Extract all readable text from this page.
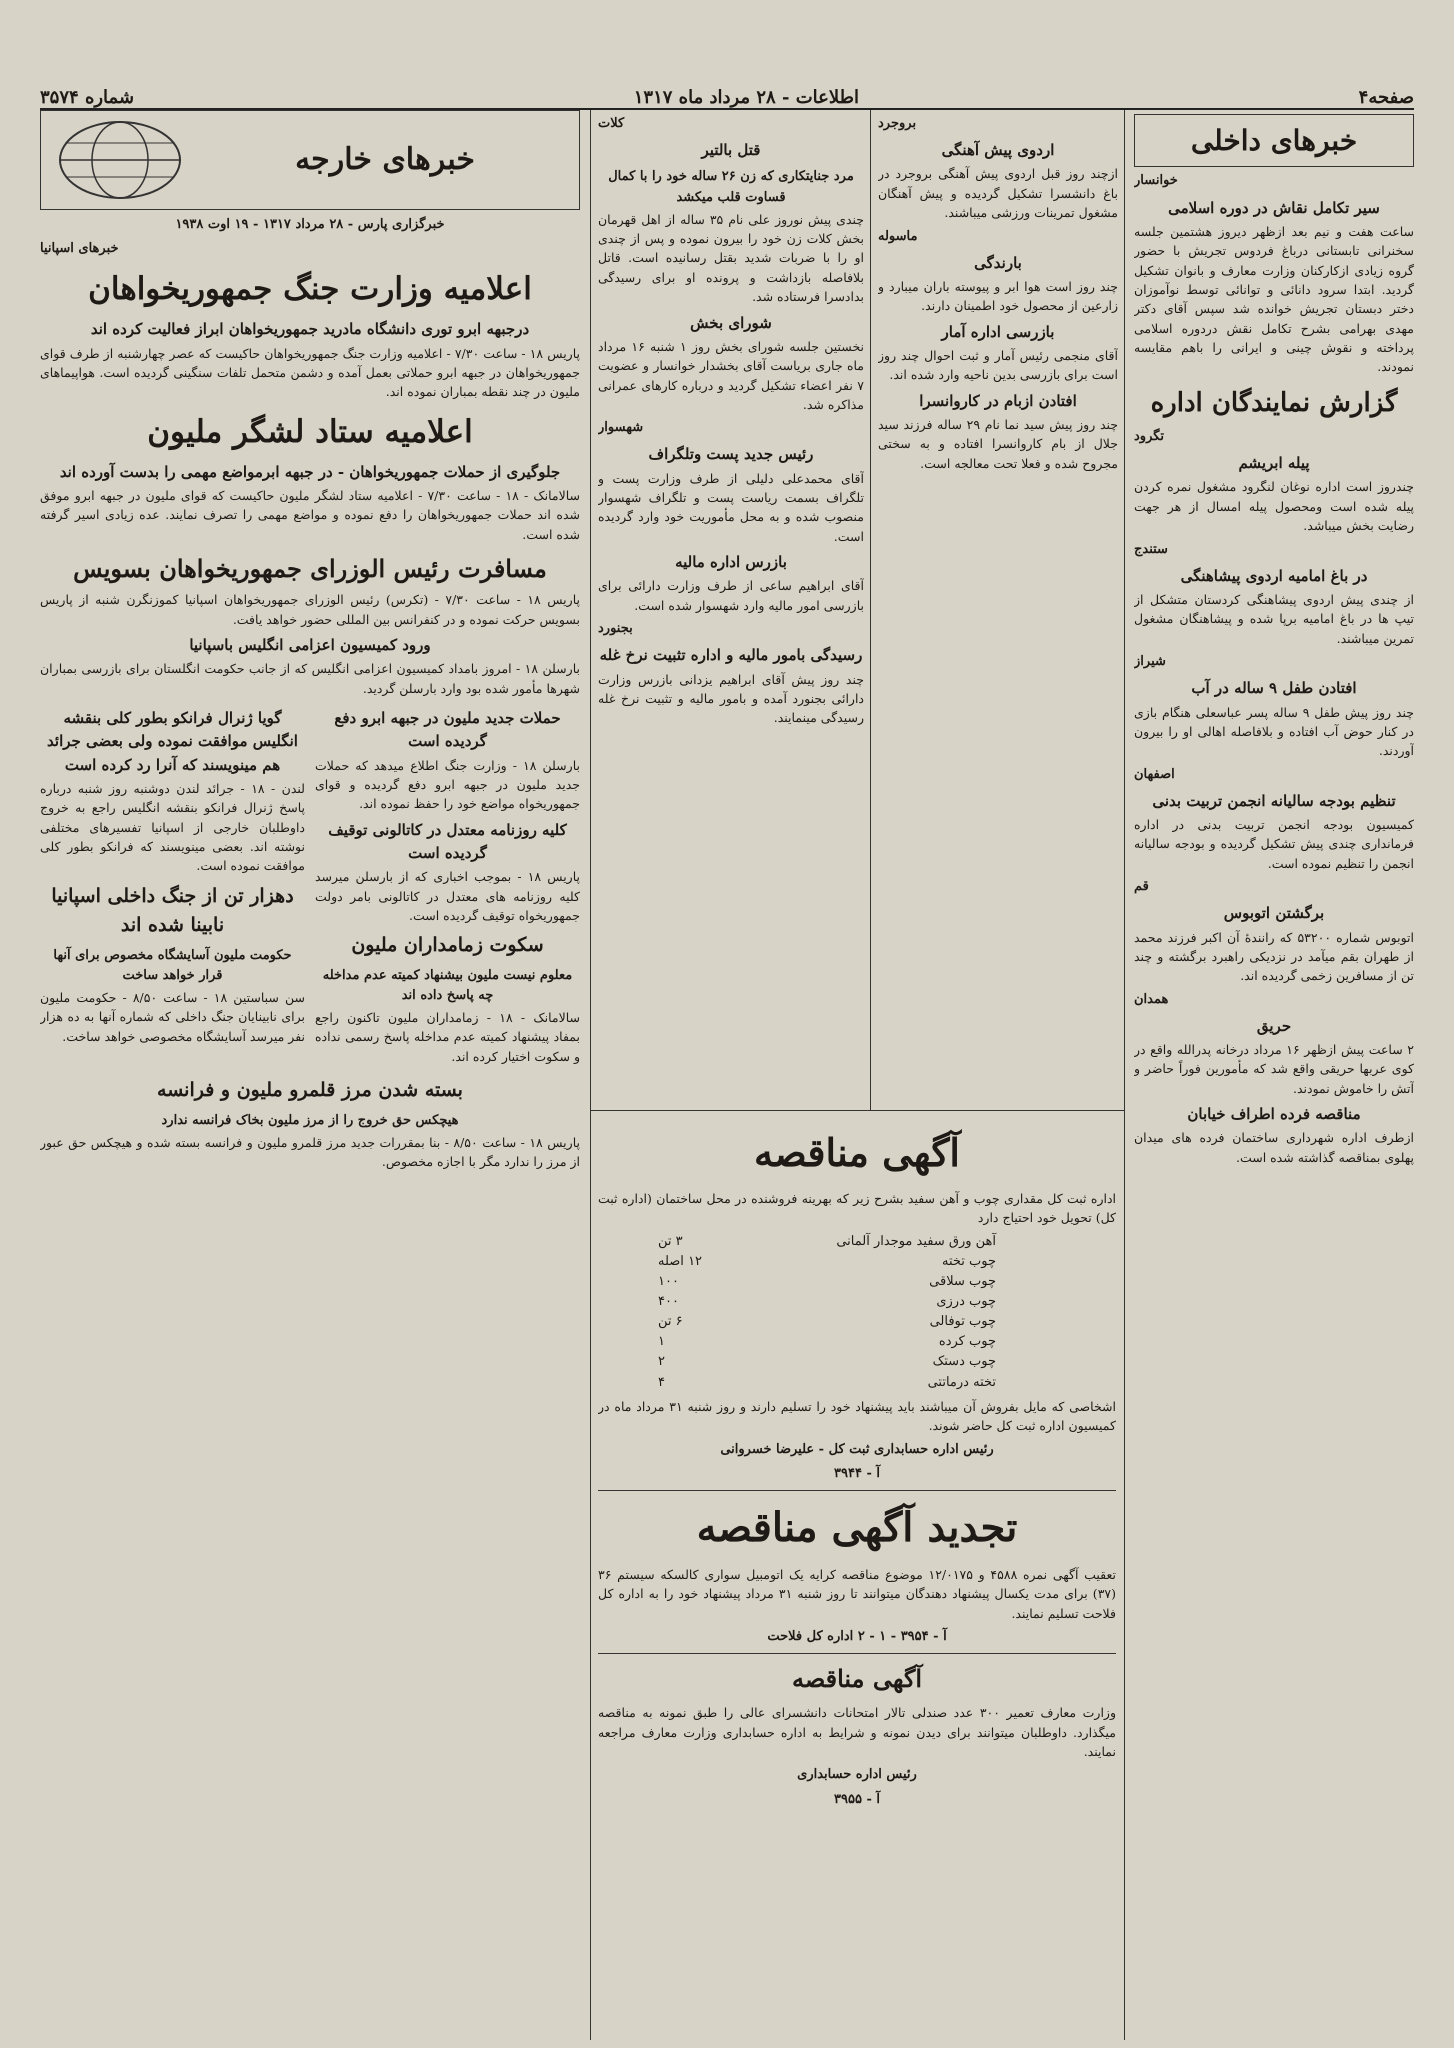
صفحه۴
اطلاعات - ۲۸ مرداد ماه ۱۳۱۷
شماره ۳۵۷۴
خبرهای داخلی
خوانسار
سیر تکامل نقاش در دوره اسلامی
ساعت هفت و نیم بعد ازظهر دیروز هشتمین جلسه سخنرانی تابستانی درباغ فردوس تجریش با حضور گروه زیادی ازکارکنان وزارت معارف و بانوان تشکیل گردید. ابتدا سرود دانائی و توانائی توسط نوآموزان دختر دبستان تجریش خوانده شد سپس آقای دکتر مهدی بهرامی بشرح تکامل نقش دردوره اسلامی پرداخته و نقوش چینی و ایرانی را باهم مقایسه نمودند.
گزارش نمایندگان اداره
تگرود
پیله ابریشم
چندروز است اداره نوغان لنگرود مشغول نمره کردن پیله شده است ومحصول پیله امسال از هر جهت رضایت بخش میباشد.
ستندج
در باغ امامیه اردوی پیشاهنگی
از چندی پیش اردوی پیشاهنگی کردستان متشکل از تیپ ها در باغ امامیه برپا شده و پیشاهنگان مشغول تمرین میباشند.
شیراز
افتادن طفل ۹ ساله در آب
چند روز پیش طفل ۹ ساله پسر عباسعلی هنگام بازی در کنار حوض آب افتاده و بلافاصله اهالی او را بیرون آوردند.
اصفهان
تنظیم بودجه سالیانه انجمن تربیت بدنی
کمیسیون بودجه انجمن تربیت بدنی در اداره فرمانداری چندی پیش تشکیل گردیده و بودجه سالیانه انجمن را تنظیم نموده است.
قم
برگشتن اتوبوس
اتوبوس شماره ۵۳۲۰۰ که رانندهٔ آن اکبر فرزند محمد از طهران بقم میآمد در نزدیکی راهبرد برگشته و چند تن از مسافرین زخمی گردیده اند.
همدان
حریق
۲ ساعت پیش ازظهر ۱۶ مرداد درخانه پدرالله واقع در کوی عربها حریقی واقع شد که مأمورین فوراً حاضر و آتش را خاموش نمودند.
مناقصه فرده اطراف خیابان
ازطرف اداره شهرداری ساختمان فرده های میدان پهلوی بمناقصه گذاشته شده است.
کلات
قتل بالتیر
مرد جنایتکاری که زن ۲۶ ساله خود را با کمال قساوت قلب میکشد
چندی پیش نوروز علی نام ۳۵ ساله از اهل قهرمان بخش کلات زن خود را بیرون نموده و پس از چندی او را با ضربات شدید بقتل رسانیده است. قاتل بلافاصله بازداشت و پرونده او برای رسیدگی بدادسرا فرستاده شد.
شورای بخش
نخستین جلسه شورای بخش روز ۱ شنبه ۱۶ مرداد ماه جاری بریاست آقای بخشدار خوانسار و عضویت ۷ نفر اعضاء تشکیل گردید و درباره کارهای عمرانی مذاکره شد.
شهسوار
رئیس جدید پست وتلگراف
آقای محمدعلی دلیلی از طرف وزارت پست و تلگراف بسمت ریاست پست و تلگراف شهسوار منصوب شده و به محل مأموریت خود وارد گردیده است.
بازرس اداره مالیه
آقای ابراهیم ساعی از طرف وزارت دارائی برای بازرسی امور مالیه وارد شهسوار شده است.
بجنورد
رسیدگی بامور مالیه و اداره تثبیت نرخ غله
چند روز پیش آقای ابراهیم یزدانی بازرس وزارت دارائی بجنورد آمده و بامور مالیه و تثبیت نرخ غله رسیدگی مینمایند.
بروجرد
اردوی پیش آهنگی
ازچند روز قبل اردوی پیش آهنگی بروجرد در باغ دانشسرا تشکیل گردیده و پیش آهنگان مشغول تمرینات ورزشی میباشند.
ماسوله
بارندگی
چند روز است هوا ابر و پیوسته باران میبارد و زارعین از محصول خود اطمینان دارند.
بازرسی اداره آمار
آقای منجمی رئیس آمار و ثبت احوال چند روز است برای بازرسی بدین ناحیه وارد شده اند.
افتادن ازبام در کاروانسرا
چند روز پیش سید نما نام ۲۹ ساله فرزند سید جلال از بام کاروانسرا افتاده و به سختی مجروح شده و فعلا تحت معالجه است.
آگهی مناقصه
اداره ثبت کل مقداری چوب و آهن سفید بشرح زیر که بهرینه فروشنده در محل ساختمان (اداره ثبت کل) تحویل خود احتیاج دارد
آهن ورق سفید موجدار آلمانی
۳ تن
چوب تخته
۱۲ اصله
چوب سلاقی
۱۰۰
چوب درزی
۴۰۰
چوب توفالی
۶ تن
چوب کرده
۱
چوب دستک
۲
تخته درماتتی
۴
اشخاصی که مایل بفروش آن میباشند باید پیشنهاد خود را تسلیم دارند و روز شنبه ۳۱ مرداد ماه در کمیسیون اداره ثبت کل حاضر شوند.
رئیس اداره حسابداری ثبت کل - علیرضا خسروانی
آ - ۳۹۴۴
تجدید آگهی مناقصه
تعقیب آگهی نمره ۴۵۸۸ و ۱۲/۰۱۷۵ موضوع مناقصه کرایه یک اتومبیل سواری کالسکه سیستم ۳۶ (۳۷) برای مدت یکسال پیشنهاد دهندگان میتوانند تا روز شنبه ۳۱ مرداد پیشنهاد خود را به اداره کل فلاحت تسلیم نمایند.
آ - ۳۹۵۴ - ۱ - ۲ اداره کل فلاحت
آگهی مناقصه
وزارت معارف تعمیر ۳۰۰ عدد صندلی تالار امتحانات دانشسرای عالی را طبق نمونه به مناقصه میگذارد. داوطلبان میتوانند برای دیدن نمونه و شرایط به اداره حسابداری وزارت معارف مراجعه نمایند.
رئیس اداره حسابداری
آ - ۳۹۵۵
خبرهای خارجه
خبرگزاری پارس - ۲۸ مرداد ۱۳۱۷ - ۱۹ اوت ۱۹۳۸
خبرهای اسپانیا
اعلامیه وزارت جنگ جمهوریخواهان
درجبهه ابرو توری دانشگاه مادرید جمهوریخواهان ابراز فعالیت کرده اند
پاریس ۱۸ - ساعت ۷/۳۰ - اعلامیه وزارت جنگ جمهوریخواهان حاکیست که عصر چهارشنبه از طرف قوای جمهوریخواهان در جبهه ابرو حملاتی بعمل آمده و دشمن متحمل تلفات سنگینی گردیده است. هواپیماهای ملیون در چند نقطه بمباران نموده اند.
اعلامیه ستاد لشگر ملیون
جلوگیری از حملات جمهوریخواهان - در جبهه ابرمواضع مهمی را بدست آورده اند
سالامانک - ۱۸ - ساعت ۷/۳۰ - اعلامیه ستاد لشگر ملیون حاکیست که قوای ملیون در جبهه ابرو موفق شده اند حملات جمهوریخواهان را دفع نموده و مواضع مهمی را تصرف نمایند. عده زیادی اسیر گرفته شده است.
مسافرت رئیس الوزرای جمهوریخواهان بسویس
پاریس ۱۸ - ساعت ۷/۳۰ - (تکرس) رئیس الوزرای جمهوریخواهان اسپانیا کموزنگرن شنبه از پاریس بسویس حرکت نموده و در کنفرانس بین المللی حضور خواهد یافت.
ورود کمیسیون اعزامی انگلیس باسپانیا
بارسلن ۱۸ - امروز بامداد کمیسیون اعزامی انگلیس که از جانب حکومت انگلستان برای بازرسی بمباران شهرها مأمور شده بود وارد بارسلن گردید.
حملات جدید ملیون در جبهه ابرو دفع گردیده است
بارسلن ۱۸ - وزارت جنگ اطلاع میدهد که حملات جدید ملیون در جبهه ابرو دفع گردیده و قوای جمهوریخواه مواضع خود را حفظ نموده اند.
کلیه روزنامه معتدل در کاتالونی توقیف گردیده است
پاریس ۱۸ - بموجب اخباری که از بارسلن میرسد کلیه روزنامه های معتدل در کاتالونی بامر دولت جمهوریخواه توقیف گردیده است.
سکوت زمامداران ملیون
معلوم نیست ملیون بیشنهاد کمیته عدم مداخله چه پاسخ داده اند
سالامانک - ۱۸ - زمامداران ملیون تاکنون راجع بمفاد پیشنهاد کمیته عدم مداخله پاسخ رسمی نداده و سکوت اختیار کرده اند.
گویا ژنرال فرانکو بطور کلی بنقشه انگلیس موافقت نموده ولی بعضی جرائد هم مینویسند که آنرا رد کرده است
لندن - ۱۸ - جرائد لندن دوشنبه روز شنبه درباره پاسخ ژنرال فرانکو بنقشه انگلیس راجع به خروج داوطلبان خارجی از اسپانیا تفسیرهای مختلفی نوشته اند. بعضی مینویسند که فرانکو بطور کلی موافقت نموده است.
دهزار تن از جنگ داخلی اسپانیا نابینا شده اند
حکومت ملیون آسایشگاه مخصوص برای آنها قرار خواهد ساخت
سن سباستین ۱۸ - ساعت ۸/۵۰ - حکومت ملیون برای نابینایان جنگ داخلی که شماره آنها به ده هزار نفر میرسد آسایشگاه مخصوصی خواهد ساخت.
بسته شدن مرز قلمرو ملیون و فرانسه
هیچکس حق خروج را از مرز ملیون بخاک فرانسه ندارد
پاریس ۱۸ - ساعت ۸/۵۰ - بنا بمقررات جدید مرز قلمرو ملیون و فرانسه بسته شده و هیچکس حق عبور از مرز را ندارد مگر با اجازه مخصوص.
